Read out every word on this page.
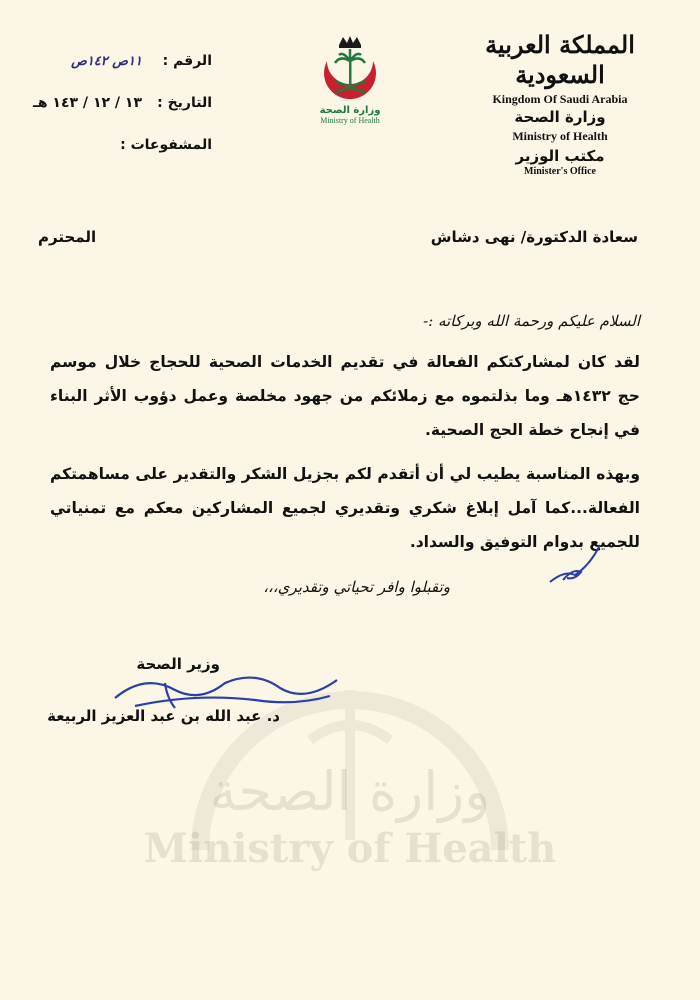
وزارة الصحة
Ministry of Health
المملكة العربية السعودية
Kingdom Of Saudi Arabia
وزارة الصحة
Ministry of Health
مكتب الوزير
Minister's Office
وزارة الصحة
Ministry of Health
الرقم :
١١ص ١٤٢ص
التاريخ :
١٣ / ١٢ / ١٤٣ هـ
المشفوعات :
سعادة الدكتورة/ نهى دشاش
المحترم
السلام عليكم ورحمة الله وبركاته :-

لقد كان لمشاركتكم الفعالة في تقديم الخدمات الصحية للحجاج خلال موسم حج ١٤٣٢هـ وما بذلتموه مع زملائكم من جهود مخلصة وعمل دؤوب الأثر البناء في إنجاح خطة الحج الصحية.

وبهذه المناسبة يطيب لي أن أتقدم لكم بجزيل الشكر والتقدير على مساهمتكم الفعالة...كما آمل إبلاغ شكري وتقديري لجميع المشاركين معكم مع تمنياتي للجميع بدوام التوفيق والسداد.

وتقبلوا وافر تحياتي وتقديري،،،
وزير الصحة
د. عبد الله بن عبد العزيز الربيعة
